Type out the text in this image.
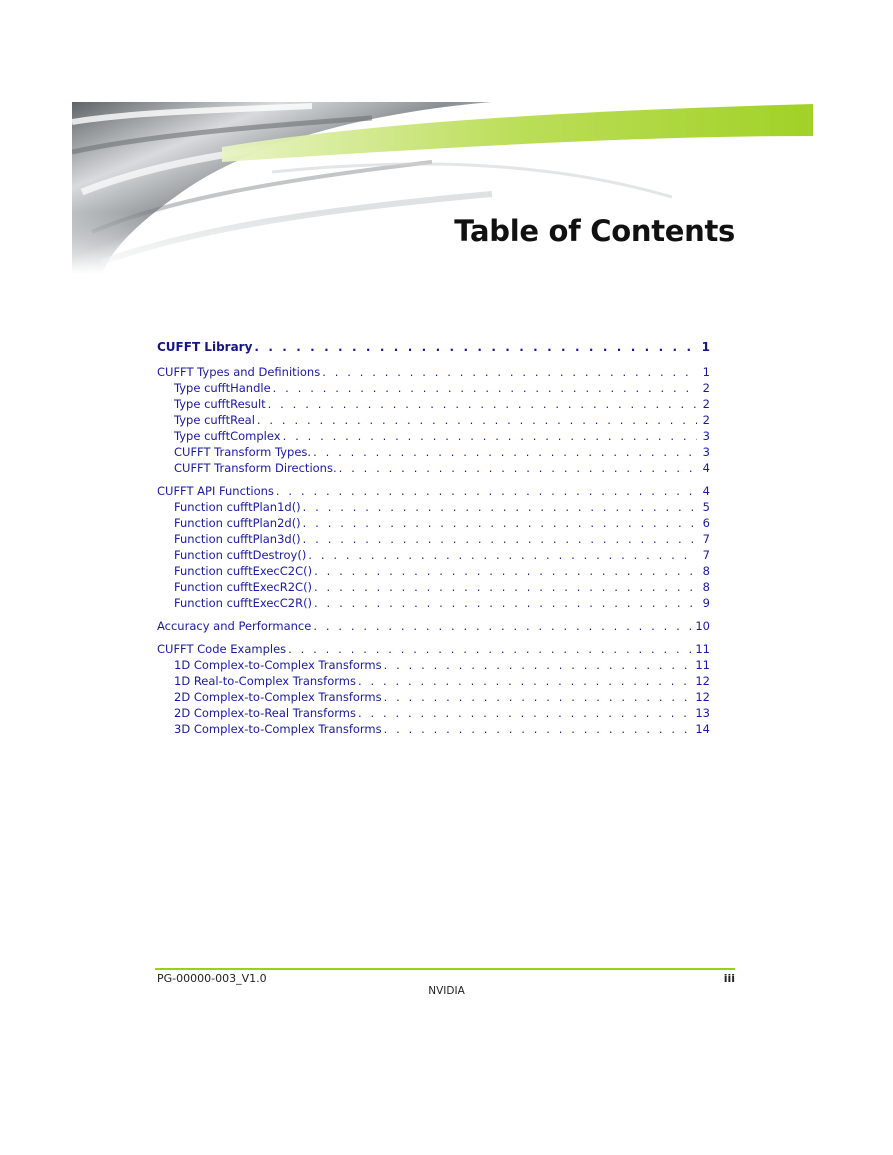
Table of Contents
CUFFT Library . . .	1
CUFFT Types and Definitions . . .	1
Type cufftHandle . . .	2
Type cufftResult . . .	2
Type cufftReal . . .	2
Type cufftComplex . . .	3
CUFFT Transform Types. . . .	3
CUFFT Transform Directions. . . .	4
CUFFT API Functions . . .	4
Function cufftPlan1d() . . .	5
Function cufftPlan2d() . . .	6
Function cufftPlan3d() . . .	7
Function cufftDestroy() . . .	7
Function cufftExecC2C() . . .	8
Function cufftExecR2C() . . .	8
Function cufftExecC2R() . . .	9
Accuracy and Performance . . .	10
CUFFT Code Examples . . .	11
1D Complex-to-Complex Transforms . . .	11
1D Real-to-Complex Transforms . . .	12
2D Complex-to-Complex Transforms . . .	12
2D Complex-to-Real Transforms . . .	13
3D Complex-to-Complex Transforms . . .	14
PG-00000-003_V1.0	iii
NVIDIA
